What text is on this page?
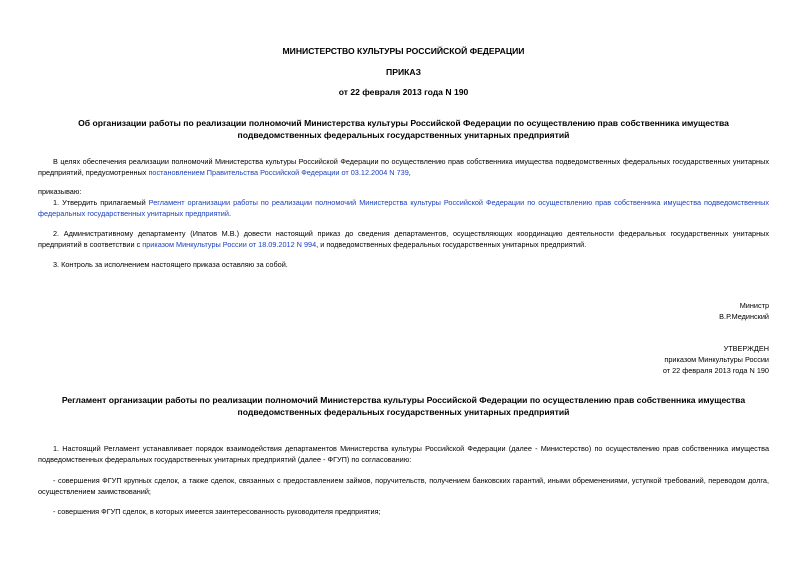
МИНИСТЕРСТВО КУЛЬТУРЫ РОССИЙСКОЙ ФЕДЕРАЦИИ
ПРИКАЗ
от 22 февраля 2013 года N 190
Об организации работы по реализации полномочий Министерства культуры Российской Федерации по осуществлению прав собственника имущества
подведомственных федеральных государственных унитарных предприятий

В целях обеспечения реализации полномочий Министерства культуры Российской Федерации по осуществлению прав собственника имущества подведомственных федеральных государственных унитарных предприятий, предусмотренных постановлением Правительства Российской Федерации от 03.12.2004 N 739,

приказываю:

1. Утвердить прилагаемый Регламент организации работы по реализации полномочий Министерства культуры Российской Федерации по осуществлению прав собственника имущества подведомственных федеральных государственных унитарных предприятий.

2. Административному департаменту (Ипатов М.В.) довести настоящий приказ до сведения департаментов, осуществляющих координацию деятельности федеральных государственных унитарных предприятий в соответствии с приказом Минкультуры России от 18.09.2012 N 994, и подведомственных федеральных государственных унитарных предприятий.

3. Контроль за исполнением настоящего приказа оставляю за собой.

Министр

В.Р.Мединский

УТВЕРЖДЕН

приказом Минкультуры России

от 22 февраля 2013 года N 190

Регламент организации работы по реализации полномочий Министерства культуры Российской Федерации по осуществлению прав собственника имущества
подведомственных федеральных государственных унитарных предприятий

1. Настоящий Регламент устанавливает порядок взаимодействия департаментов Министерства культуры Российской Федерации (далее - Министерство) по осуществлению прав собственника имущества подведомственных федеральных государственных унитарных предприятий (далее - ФГУП) по согласованию:

- совершения ФГУП крупных сделок, а также сделок, связанных с предоставлением займов, поручительств, получением банковских гарантий, иными обременениями, уступкой требований, переводом долга, осуществлением заимствований;

- совершения ФГУП сделок, в которых имеется заинтересованность руководителя предприятия;
